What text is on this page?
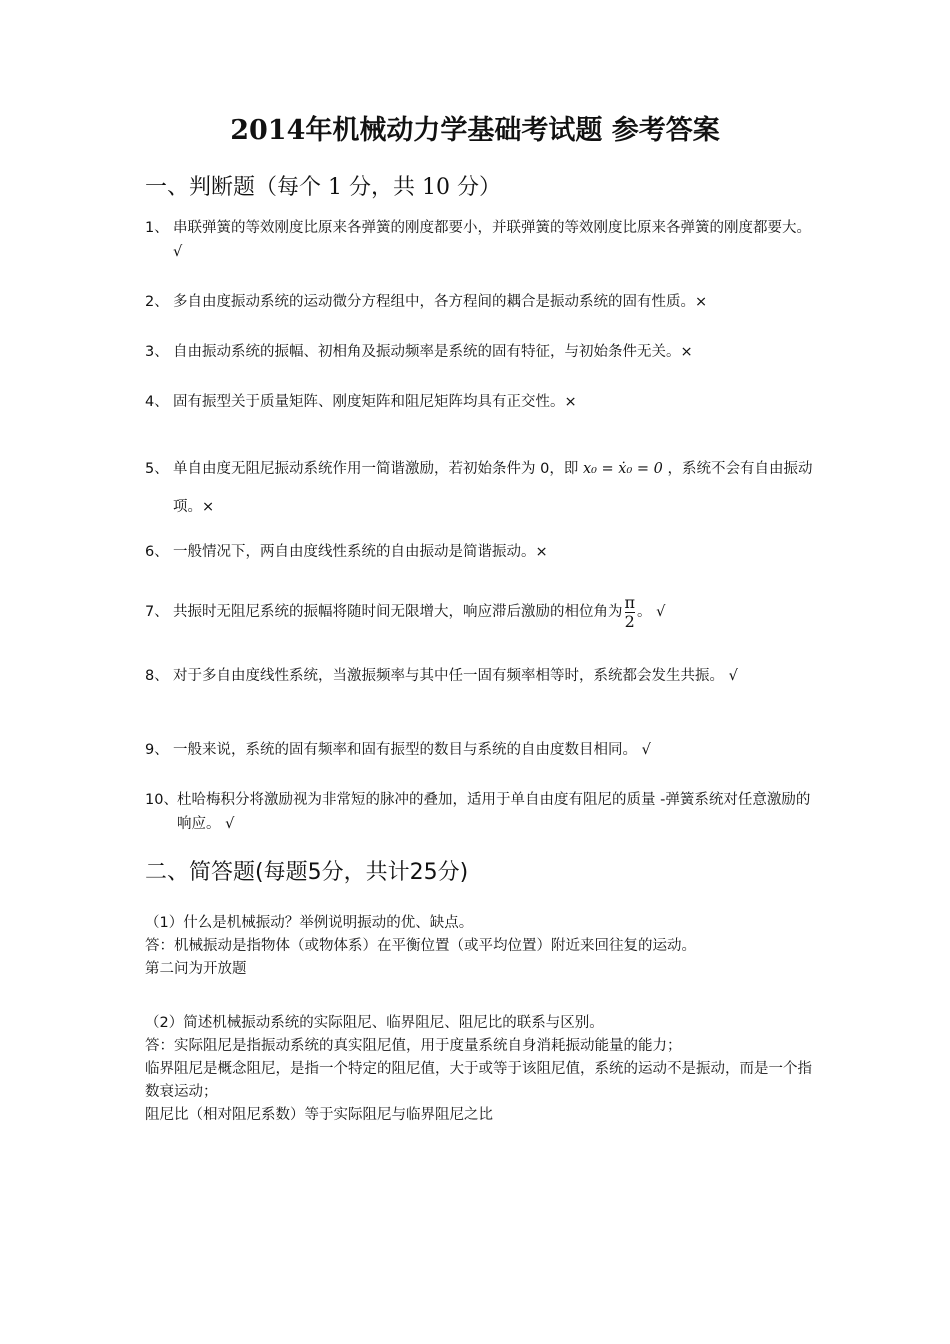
2014年机械动力学基础考试题 参考答案
一、判断题（每个 1 分，共 10 分）
1、 串联弹簧的等效刚度比原来各弹簧的刚度都要小，并联弹簧的等效刚度比原来各弹簧的刚度都要大。 √
2、 多自由度振动系统的运动微分方程组中，各方程间的耦合是振动系统的固有性质。×
3、 自由振动系统的振幅、初相角及振动频率是系统的固有特征，与初始条件无关。×
4、 固有振型关于质量矩阵、刚度矩阵和阻尼矩阵均具有正交性。×
5、 单自由度无阻尼振动系统作用一简谐激励，若初始条件为 0，即 x₀ = ẋ₀ = 0 ，系统不会有自由振动项。×
6、 一般情况下，两自由度线性系统的自由振动是简谐振动。×
7、 共振时无阻尼系统的振幅将随时间无限增大，响应滞后激励的相位角为 $\frac{\pi}{2}$ 。 √
8、 对于多自由度线性系统，当激振频率与其中任一固有频率相等时，系统都会发生共振。 √
9、 一般来说，系统的固有频率和固有振型的数目与系统的自由度数目相同。 √
10、 杜哈梅积分将激励视为非常短的脉冲的叠加，适用于单自由度有阻尼的质量 -弹簧系统对任意激励的响应。 √
二、简答题(每题5分，共计25分)

（1）什么是机械振动？举例说明振动的优、缺点。

答：机械振动是指物体（或物体系）在平衡位置（或平均位置）附近来回往复的运动。

第二问为开放题

（2）简述机械振动系统的实际阻尼、临界阻尼、阻尼比的联系与区别。

答：实际阻尼是指振动系统的真实阻尼值，用于度量系统自身消耗振动能量的能力；

临界阻尼是概念阻尼，是指一个特定的阻尼值，大于或等于该阻尼值，系统的运动不是振动，而是一个指数衰运动；

阻尼比（相对阻尼系数）等于实际阻尼与临界阻尼之比
